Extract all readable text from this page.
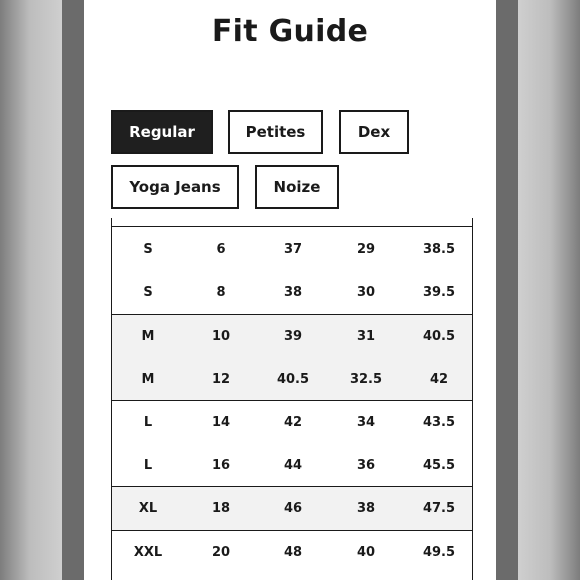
Fit Guide
Regular	Petites	Dex
Yoga Jeans	Noize
S	6	37	29	38.5
S	8	38	30	39.5
M	10	39	31	40.5
M	12	40.5	32.5	42
L	14	42	34	43.5
L	16	44	36	45.5
XL	18	46	38	47.5
XXL	20	48	40	49.5
